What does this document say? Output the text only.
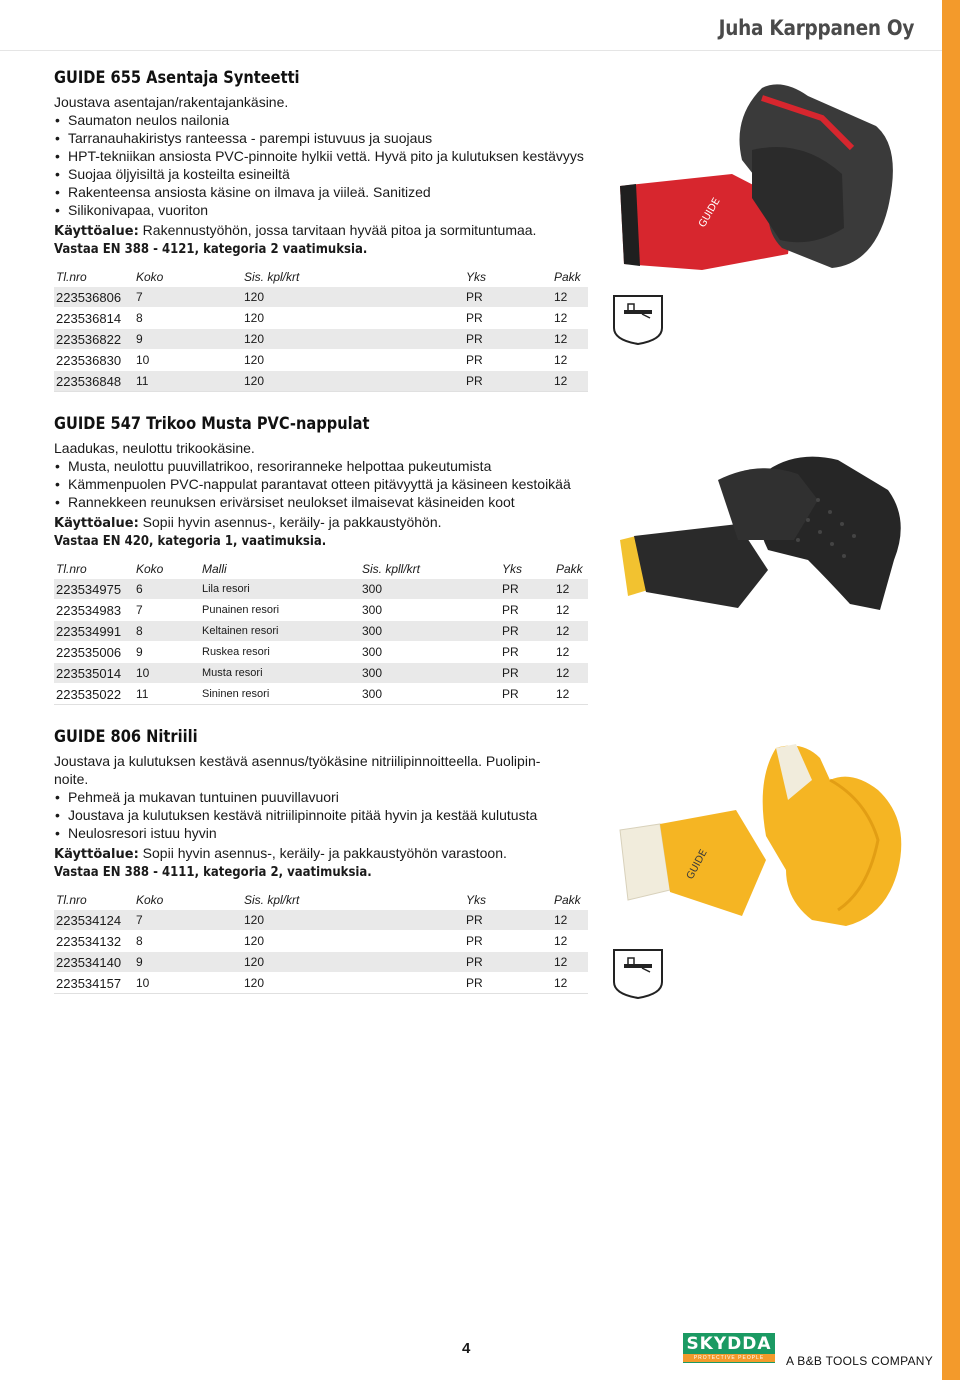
Juha Karppanen Oy
GUIDE 655 Asentaja Synteetti

Joustava asentajan/rakentajankäsine.

• Saumaton neulos nailonia
• Tarranauhakiristys ranteessa - parempi istuvuus ja suojaus
• HPT-tekniikan ansiosta PVC-pinnoite hylkii vettä. Hyvä pito ja kulutuksen kestävyys
• Suojaa öljyisiltä ja kosteilta esineiltä
• Rakenteensa ansiosta käsine on ilmava ja viileä. Sanitized
• Silikonivapaa, vuoriton

Käyttöalue: Rakennustyöhön, jossa tarvitaan hyvää pitoa ja sormituntumaa.

Vastaa EN 388 - 4121, kategoria 2 vaatimuksia.

Tl.nro	Koko	Sis. kpl/krt	Yks	Pakk
223536806	7	120	PR	12
223536814	8	120	PR	12
223536822	9	120	PR	12
223536830	10	120	PR	12
223536848	11	120	PR	12
GUIDE
GUIDE 547 Trikoo Musta PVC-nappulat

Laadukas, neulottu trikookäsine.

• Musta, neulottu puuvillatrikoo, resoriranneke helpottaa pukeutumista
• Kämmenpuolen PVC-nappulat parantavat otteen pitävyyttä ja käsineen kestoikää
• Rannekkeen reunuksen erivärsiset neulokset ilmaisevat käsineiden koot

Käyttöalue: Sopii hyvin asennus-, keräily- ja pakkaustyöhön.

Vastaa EN 420, kategoria 1, vaatimuksia.

Tl.nro	Koko	Malli	Sis. kpll/krt	Yks	Pakk
223534975	6	Lila resori	300	PR	12
223534983	7	Punainen resori	300	PR	12
223534991	8	Keltainen resori	300	PR	12
223535006	9	Ruskea resori	300	PR	12
223535014	10	Musta resori	300	PR	12
223535022	11	Sininen resori	300	PR	12
GUIDE 806 Nitriili

Joustava ja kulutuksen kestävä asennus/työkäsine nitriilipinnoitteella. Puolipin-noite.

• Pehmeä ja mukavan tuntuinen puuvillavuori
• Joustava ja kulutuksen kestävä nitriilipinnoite pitää hyvin ja kestää kulutusta
• Neulosresori istuu hyvin

Käyttöalue: Sopii hyvin asennus-, keräily- ja pakkaustyöhön varastoon.

Vastaa EN 388 - 4111, kategoria 2, vaatimuksia.

Tl.nro	Koko	Sis. kpl/krt	Yks	Pakk
223534124	7	120	PR	12
223534132	8	120	PR	12
223534140	9	120	PR	12
223534157	10	120	PR	12
GUIDE
4	SKYDDA
PROTECTIVE PEOPLE	A B&B TOOLS COMPANY
